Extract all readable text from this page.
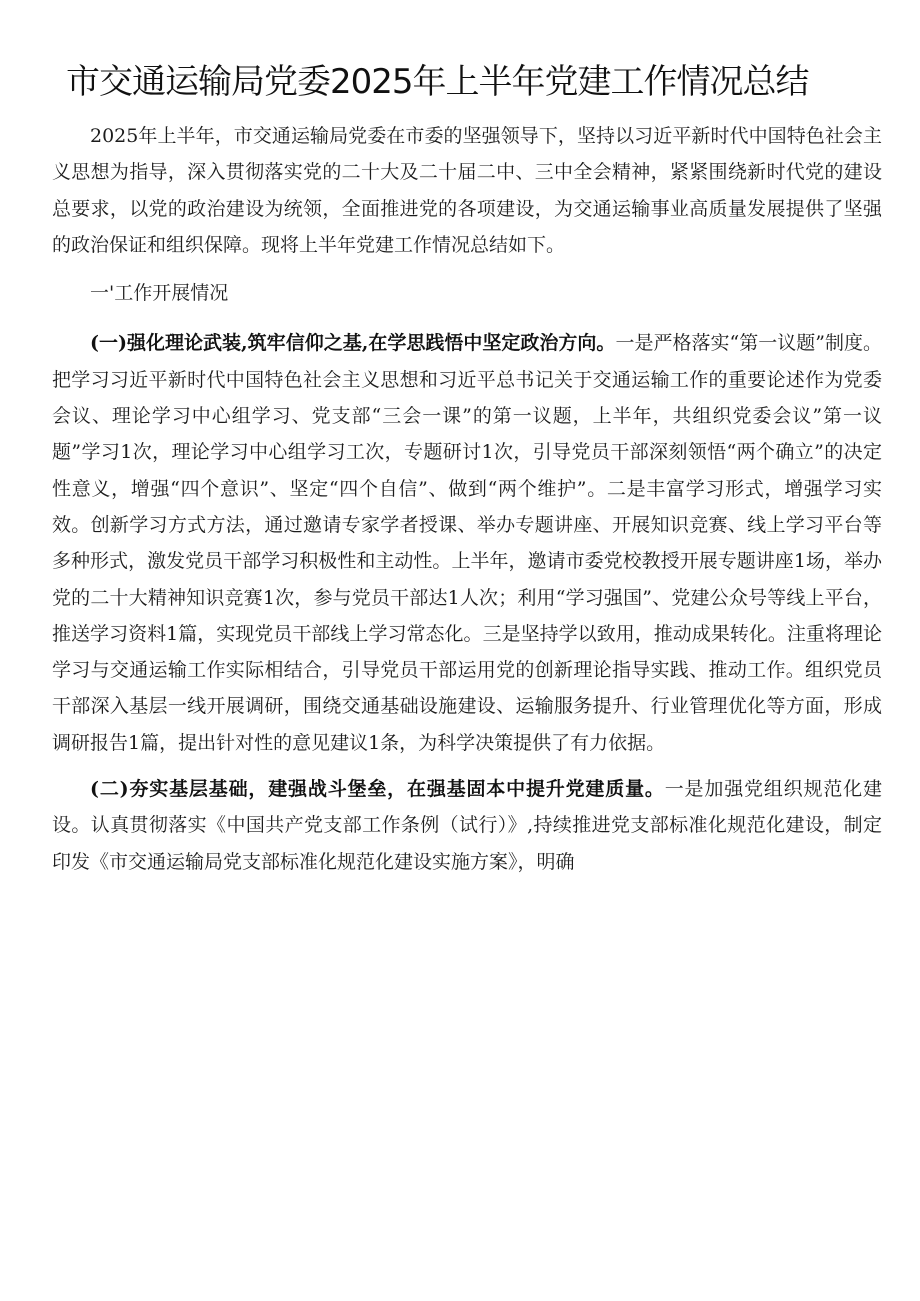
市交通运输局党委2025年上半年党建工作情况总结

2025年上半年，市交通运输局党委在市委的坚强领导下，坚持以习近平新时代中国特色社会主义思想为指导，深入贯彻落实党的二十大及二十届二中、三中全会精神，紧紧围绕新时代党的建设总要求，以党的政治建设为统领，全面推进党的各项建设，为交通运输事业高质量发展提供了坚强的政治保证和组织保障。现将上半年党建工作情况总结如下。

一'工作开展情况

(一)强化理论武装,筑牢信仰之基,在学思践悟中坚定政治方向。一是严格落实“第一议题”制度。把学习习近平新时代中国特色社会主义思想和习近平总书记关于交通运输工作的重要论述作为党委会议、理论学习中心组学习、党支部“三会一课”的第一议题，上半年，共组织党委会议”第一议题”学习1次，理论学习中心组学习工次，专题研讨1次，引导党员干部深刻领悟“两个确立”的决定性意义，增强“四个意识”、坚定“四个自信”、做到“两个维护”。二是丰富学习形式，增强学习实效。创新学习方式方法，通过邀请专家学者授课、举办专题讲座、开展知识竞赛、线上学习平台等多种形式，激发党员干部学习积极性和主动性。上半年，邀请市委党校教授开展专题讲座1场，举办党的二十大精神知识竞赛1次，参与党员干部达1人次；利用“学习强国”、党建公众号等线上平台，推送学习资料1篇，实现党员干部线上学习常态化。三是坚持学以致用，推动成果转化。注重将理论学习与交通运输工作实际相结合，引导党员干部运用党的创新理论指导实践、推动工作。组织党员干部深入基层一线开展调研，围绕交通基础设施建设、运输服务提升、行业管理优化等方面，形成调研报告1篇，提出针对性的意见建议1条，为科学决策提供了有力依据。

(二)夯实基层基础，建强战斗堡垒，在强基固本中提升党建质量。一是加强党组织规范化建设。认真贯彻落实《中国共产党支部工作条例（试行）》,持续推进党支部标准化规范化建设，制定印发《市交通运输局党支部标准化规范化建设实施方案》，明确
